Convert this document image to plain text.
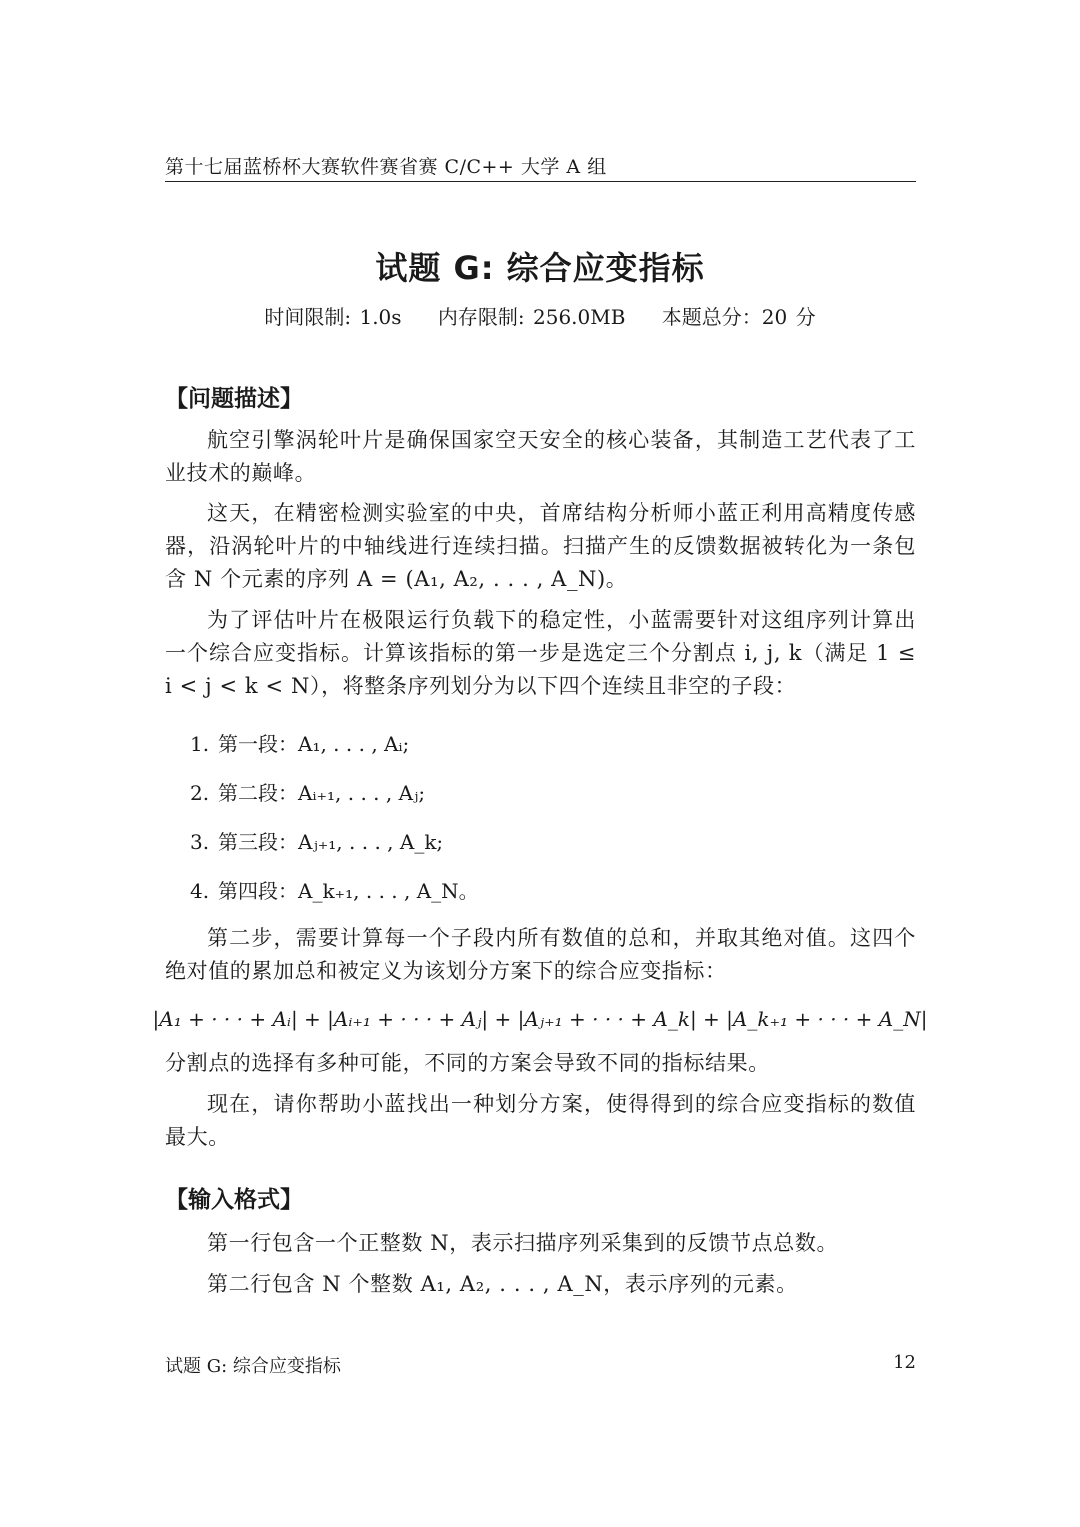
第十七届蓝桥杯大赛软件赛省赛 C/C++ 大学 A 组
试题 G: 综合应变指标
时间限制: 1.0s 内存限制: 256.0MB 本题总分：20 分
【问题描述】
航空引擎涡轮叶片是确保国家空天安全的核心装备，其制造工艺代表了工业技术的巅峰。
这天，在精密检测实验室的中央，首席结构分析师小蓝正利用高精度传感器，沿涡轮叶片的中轴线进行连续扫描。扫描产生的反馈数据被转化为一条包含 N 个元素的序列 A = (A₁, A₂, . . . , A_N)。
为了评估叶片在极限运行负载下的稳定性，小蓝需要针对这组序列计算出一个综合应变指标。计算该指标的第一步是选定三个分割点 i, j, k（满足 1 ≤ i < j < k < N），将整条序列划分为以下四个连续且非空的子段：
1. 第一段：A₁, . . . , Aᵢ;
2. 第二段：Aᵢ₊₁, . . . , Aⱼ;
3. 第三段：Aⱼ₊₁, . . . , A_k;
4. 第四段：A_k₊₁, . . . , A_N。
第二步，需要计算每一个子段内所有数值的总和，并取其绝对值。这四个绝对值的累加总和被定义为该划分方案下的综合应变指标：
|A₁ + · · · + Aᵢ| + |Aᵢ₊₁ + · · · + Aⱼ| + |Aⱼ₊₁ + · · · + A_k| + |A_k₊₁ + · · · + A_N|
分割点的选择有多种可能，不同的方案会导致不同的指标结果。
现在，请你帮助小蓝找出一种划分方案，使得得到的综合应变指标的数值最大。
【输入格式】
第一行包含一个正整数 N，表示扫描序列采集到的反馈节点总数。
第二行包含 N 个整数 A₁, A₂, . . . , A_N，表示序列的元素。
试题 G: 综合应变指标	12
